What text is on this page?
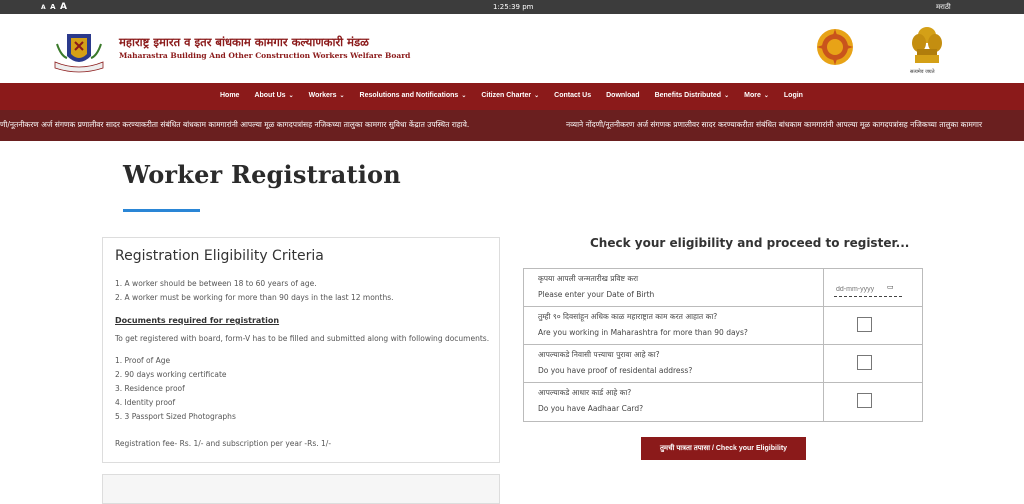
A A A	1:25:39 pm	मराठी
महाराष्ट्र इमारत व इतर बांधकाम कामगार कल्याणकारी मंडळ
Maharastra Building And Other Construction Workers Welfare Board
सत्यमेव जयते
Home About Us ⌄ Workers ⌄ Resolutions and Notifications ⌄ Citizen Charter ⌄ Contact Us Download Benefits Distributed ⌄ More ⌄ Login
णी/नूतनीकरण अर्ज संगणक प्रणालीवर सादर करण्याकरीता संबंधित बांधकाम कामगारांनी आपल्या मूळ कागदपत्रांसह नजिकच्या तालुका कामगार सुविधा केंद्रात उपस्थित राहावे.	नव्याने नोंदणी/नूतनीकरण अर्ज संगणक प्रणालीवर सादर करण्याकरीता संबंधित बांधकाम कामगारांनी आपल्या मूळ कागदपत्रांसह नजिकच्या तालुका कामगार
Worker Registration
Registration Eligibility Criteria
1. A worker should be between 18 to 60 years of age.
2. A worker must be working for more than 90 days in the last 12 months.
Documents required for registration
To get registered with board, form-V has to be filled and submitted along with following documents.
1. Proof of Age
2. 90 days working certificate
3. Residence proof
4. Identity proof
5. 3 Passport Sized Photographs
Registration fee- Rs. 1/- and subscription per year -Rs. 1/-
Check your eligibility and proceed to register...
कृपया आपली जन्मतारीख प्रविष्ट करा
Please enter your Date of Birth
dd-mm-yyyy
▭
तुम्ही ९० दिवसांहून अधिक काळ महाराष्ट्रात काम करत आहात का?
Are you working in Maharashtra for more than 90 days?
आपल्याकडे निवासी पत्त्याचा पुरावा आहे का?
Do you have proof of residental address?
आपल्याकडे आधार कार्ड आहे का?
Do you have Aadhaar Card?
तुमची पात्रता तपासा / Check your Eligibility
